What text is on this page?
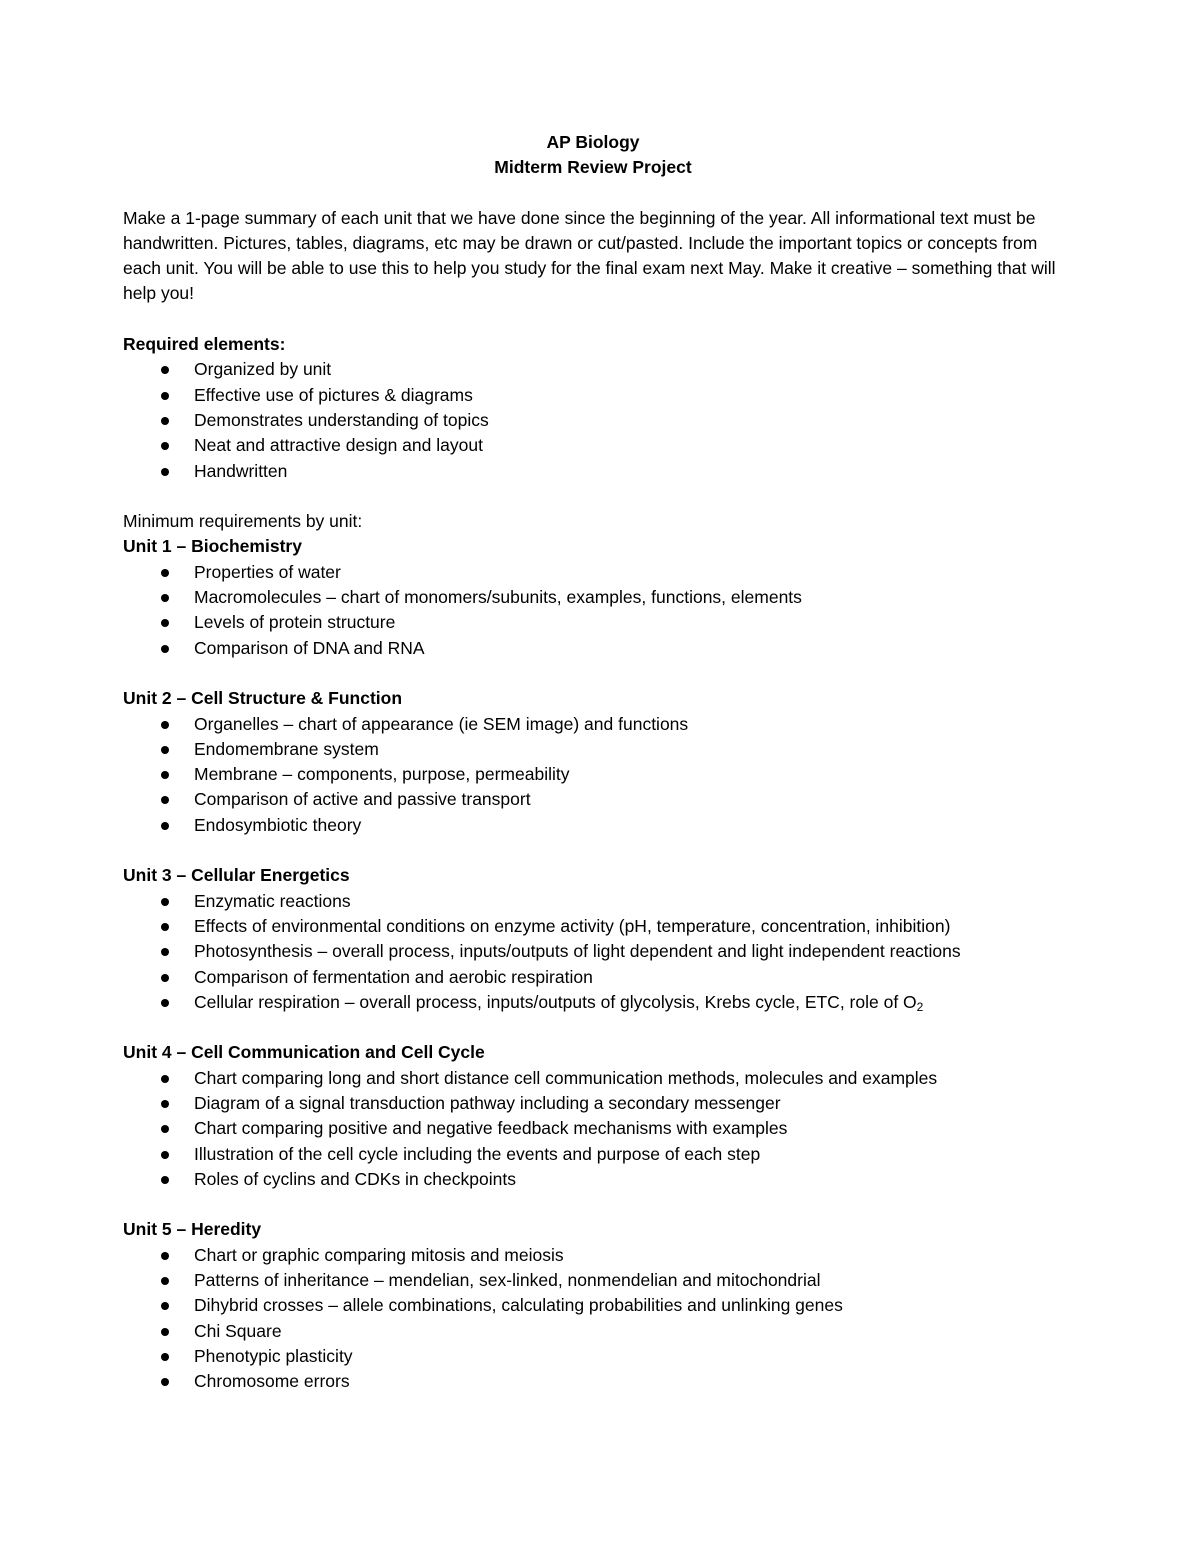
AP Biology
Midterm Review Project

Make a 1-page summary of each unit that we have done since the beginning of the year. All informational text must be handwritten. Pictures, tables, diagrams, etc may be drawn or cut/pasted. Include the important topics or concepts from each unit. You will be able to use this to help you study for the final exam next May. Make it creative – something that will help you!

Required elements:
Organized by unit
Effective use of pictures & diagrams
Demonstrates understanding of topics
Neat and attractive design and layout
Handwritten
Minimum requirements by unit:
Unit 1 – Biochemistry
Properties of water
Macromolecules – chart of monomers/subunits, examples, functions, elements
Levels of protein structure
Comparison of DNA and RNA
Unit 2 – Cell Structure & Function
Organelles – chart of appearance (ie SEM image) and functions
Endomembrane system
Membrane – components, purpose, permeability
Comparison of active and passive transport
Endosymbiotic theory
Unit 3 – Cellular Energetics
Enzymatic reactions
Effects of environmental conditions on enzyme activity (pH, temperature, concentration, inhibition)
Photosynthesis – overall process, inputs/outputs of light dependent and light independent reactions
Comparison of fermentation and aerobic respiration
Cellular respiration – overall process, inputs/outputs of glycolysis, Krebs cycle, ETC, role of $O_2$
Unit 4 – Cell Communication and Cell Cycle
Chart comparing long and short distance cell communication methods, molecules and examples
Diagram of a signal transduction pathway including a secondary messenger
Chart comparing positive and negative feedback mechanisms with examples
Illustration of the cell cycle including the events and purpose of each step
Roles of cyclins and CDKs in checkpoints
Unit 5 – Heredity
Chart or graphic comparing mitosis and meiosis
Patterns of inheritance – mendelian, sex-linked, nonmendelian and mitochondrial
Dihybrid crosses – allele combinations, calculating probabilities and unlinking genes
Chi Square
Phenotypic plasticity
Chromosome errors
